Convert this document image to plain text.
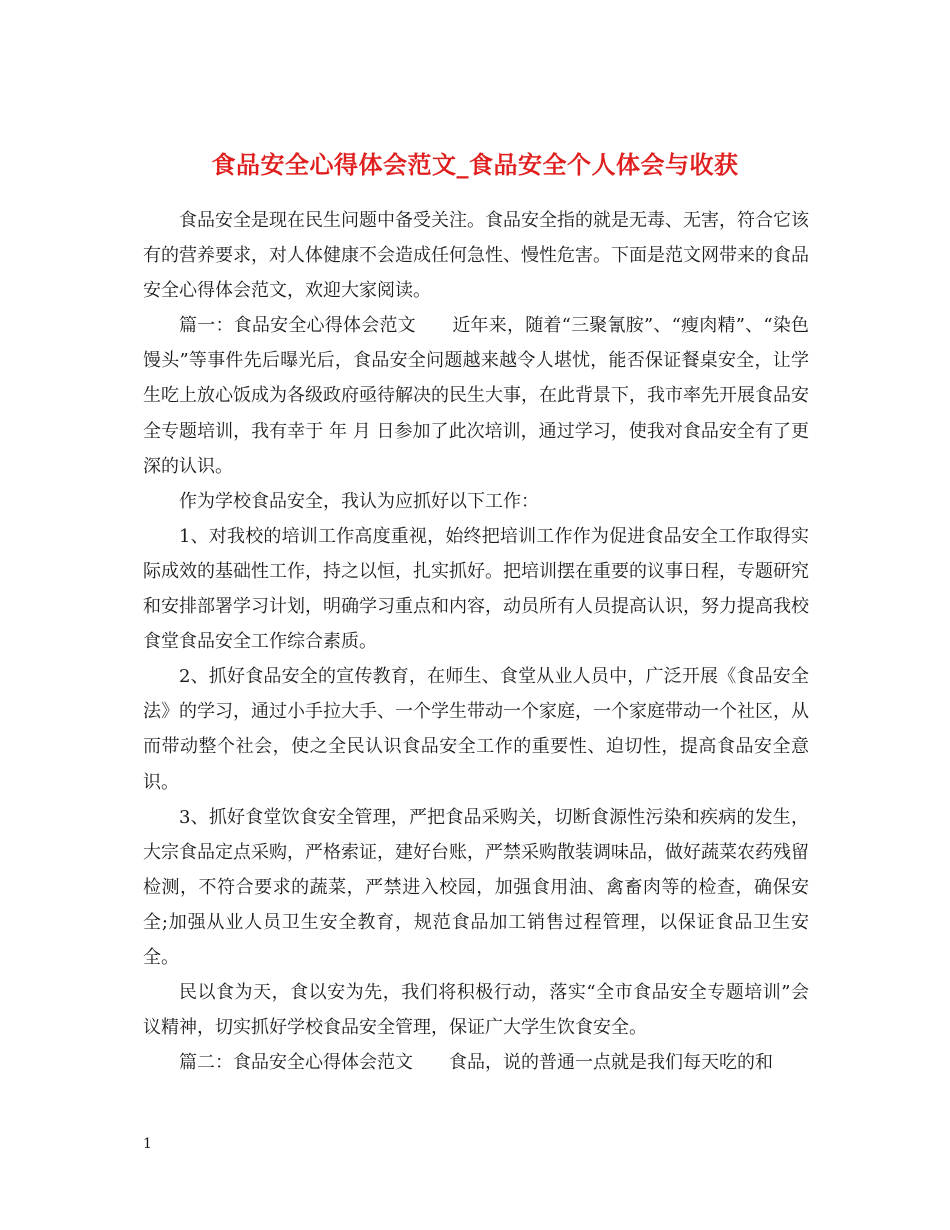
食品安全心得体会范文_食品安全个人体会与收获

食品安全是现在民生问题中备受关注。食品安全指的就是无毒、无害，符合它该有的营养要求，对人体健康不会造成任何急性、慢性危害。下面是范文网带来的食品安全心得体会范文，欢迎大家阅读。

篇一：食品安全心得体会范文　　近年来，随着“三聚氰胺”、“瘦肉精”、“染色馒头”等事件先后曝光后，食品安全问题越来越令人堪忧，能否保证餐桌安全，让学生吃上放心饭成为各级政府亟待解决的民生大事，在此背景下，我市率先开展食品安全专题培训，我有幸于 年 月 日参加了此次培训，通过学习，使我对食品安全有了更深的认识。

作为学校食品安全，我认为应抓好以下工作：

1、对我校的培训工作高度重视，始终把培训工作作为促进食品安全工作取得实际成效的基础性工作，持之以恒，扎实抓好。把培训摆在重要的议事日程，专题研究和安排部署学习计划，明确学习重点和内容，动员所有人员提高认识，努力提高我校食堂食品安全工作综合素质。

2、抓好食品安全的宣传教育，在师生、食堂从业人员中，广泛开展《食品安全法》的学习，通过小手拉大手、一个学生带动一个家庭，一个家庭带动一个社区，从而带动整个社会，使之全民认识食品安全工作的重要性、迫切性，提高食品安全意识。

3、抓好食堂饮食安全管理，严把食品采购关，切断食源性污染和疾病的发生，大宗食品定点采购，严格索证，建好台账，严禁采购散装调味品，做好蔬菜农药残留检测，不符合要求的蔬菜，严禁进入校园，加强食用油、禽畜肉等的检查，确保安全;加强从业人员卫生安全教育，规范食品加工销售过程管理，以保证食品卫生安全。

民以食为天，食以安为先，我们将积极行动，落实“全市食品安全专题培训”会议精神，切实抓好学校食品安全管理，保证广大学生饮食安全。

篇二：食品安全心得体会范文　　食品，说的普通一点就是我们每天吃的和

1
